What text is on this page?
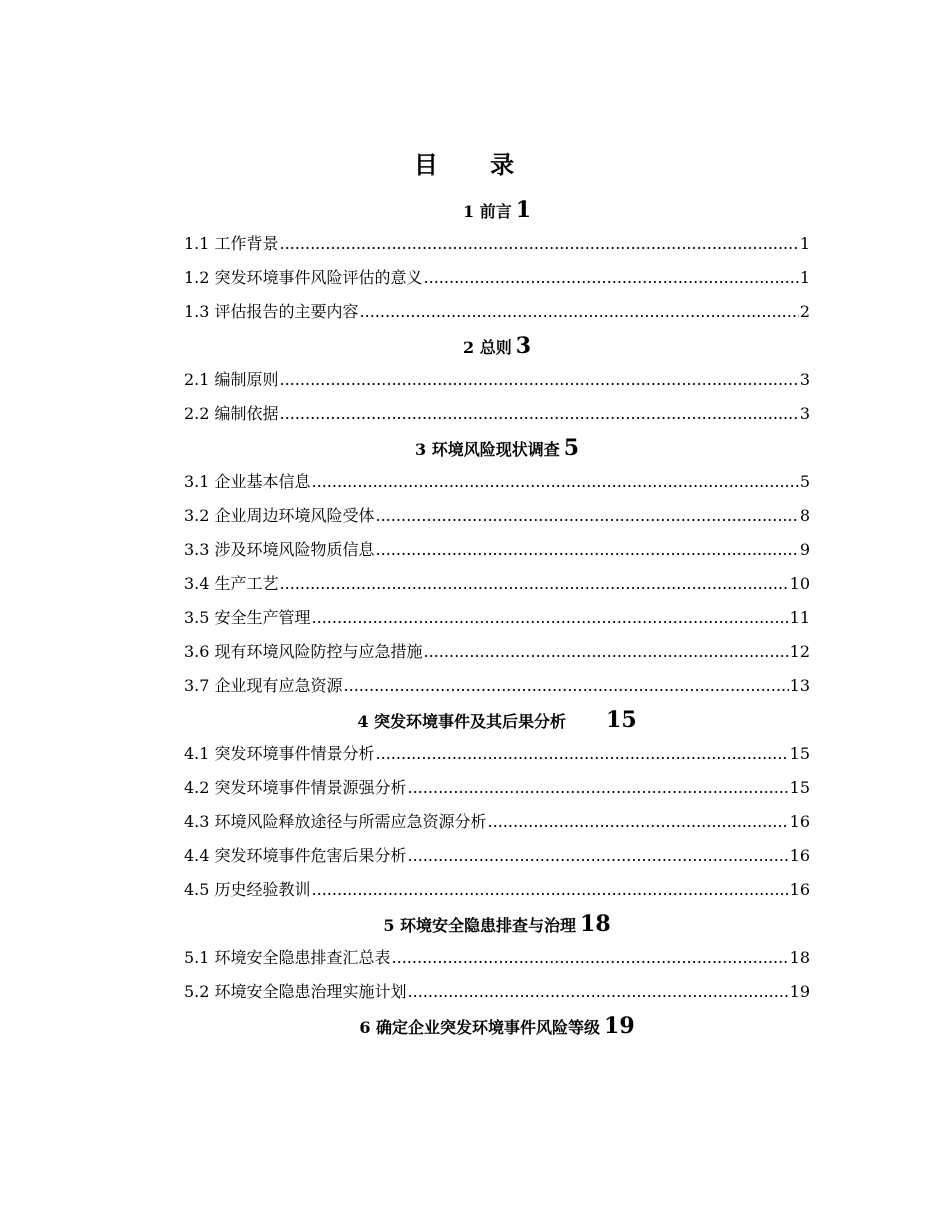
目 录
1 前言 1
1.1 工作背景 .....	1
1.2 突发环境事件风险评估的意义 .....	1
1.3 评估报告的主要内容 .....	2
2 总则 3
2.1 编制原则 .....	3
2.2 编制依据 .....	3
3 环境风险现状调查 5
3.1 企业基本信息 .....	5
3.2 企业周边环境风险受体 .....	8
3.3 涉及环境风险物质信息 .....	9
3.4 生产工艺 .....	10
3.5 安全生产管理 .....	11
3.6 现有环境风险防控与应急措施 .....	12
3.7 企业现有应急资源 .....	13
4 突发环境事件及其后果分析 15
4.1 突发环境事件情景分析 .....	15
4.2 突发环境事件情景源强分析 .....	15
4.3 环境风险释放途径与所需应急资源分析 .....	16
4.4 突发环境事件危害后果分析 .....	16
4.5 历史经验教训 .....	16
5 环境安全隐患排查与治理 18
5.1 环境安全隐患排查汇总表 .....	18
5.2 环境安全隐患治理实施计划 .....	19
6 确定企业突发环境事件风险等级 19
